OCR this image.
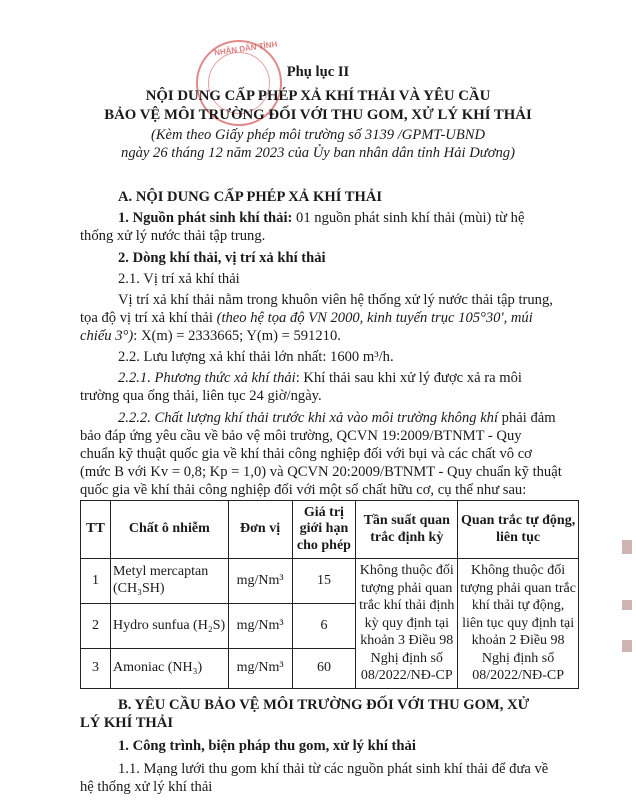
NHÂN DÂN TỈNH
Phụ lục II
NỘI DUNG CẤP PHÉP XẢ KHÍ THẢI VÀ YÊU CẦU
BẢO VỆ MÔI TRƯỜNG ĐỐI VỚI THU GOM, XỬ LÝ KHÍ THẢI
(Kèm theo Giấy phép môi trường số 3139 /GPMT-UBND
ngày 26 tháng 12 năm 2023 của Ủy ban nhân dân tỉnh Hải Dương)
A. NỘI DUNG CẤP PHÉP XẢ KHÍ THẢI
1. Nguồn phát sinh khí thải: 01 nguồn phát sinh khí thải (mùi) từ hệ
thống xử lý nước thải tập trung.
2. Dòng khí thải, vị trí xả khí thải
2.1. Vị trí xả khí thải
Vị trí xả khí thải nằm trong khuôn viên hệ thống xử lý nước thải tập trung,
tọa độ vị trí xả khí thải (theo hệ tọa độ VN 2000, kinh tuyến trục 105°30', múi
chiếu 3°): X(m) = 2333665; Y(m) = 591210.
2.2. Lưu lượng xả khí thải lớn nhất: 1600 m³/h.
2.2.1. Phương thức xả khí thải: Khí thải sau khi xử lý được xả ra môi
trường qua ống thải, liên tục 24 giờ/ngày.
2.2.2. Chất lượng khí thải trước khi xả vào môi trường không khí phải đảm
bảo đáp ứng yêu cầu về bảo vệ môi trường, QCVN 19:2009/BTNMT - Quy
chuẩn kỹ thuật quốc gia về khí thải công nghiệp đối với bụi và các chất vô cơ
(mức B với Kv = 0,8; Kp = 1,0) và QCVN 20:2009/BTNMT - Quy chuẩn kỹ thuật
quốc gia về khí thải công nghiệp đối với một số chất hữu cơ, cụ thể như sau:
TT	Chất ô nhiễm	Đơn vị	Giá trị giới hạn cho phép	Tần suất quan trắc định kỳ	Quan trắc tự động, liên tục
1	Metyl mercaptan (CH₃SH)	mg/Nm³	15	Không thuộc đối tượng phải quan trắc khí thải định kỳ quy định tại khoản 3 Điều 98 Nghị định số 08/2022/NĐ-CP	Không thuộc đối tượng phải quan trắc khí thải tự động, liên tục quy định tại khoản 2 Điều 98 Nghị định số 08/2022/NĐ-CP
2	Hydro sunfua (H₂S)	mg/Nm³	6		
3	Amoniac (NH₃)	mg/Nm³	60		
B. YÊU CẦU BẢO VỆ MÔI TRƯỜNG ĐỐI VỚI THU GOM, XỬ
LÝ KHÍ THẢI
1. Công trình, biện pháp thu gom, xử lý khí thải
1.1. Mạng lưới thu gom khí thải từ các nguồn phát sinh khí thải để đưa về
hệ thống xử lý khí thải
